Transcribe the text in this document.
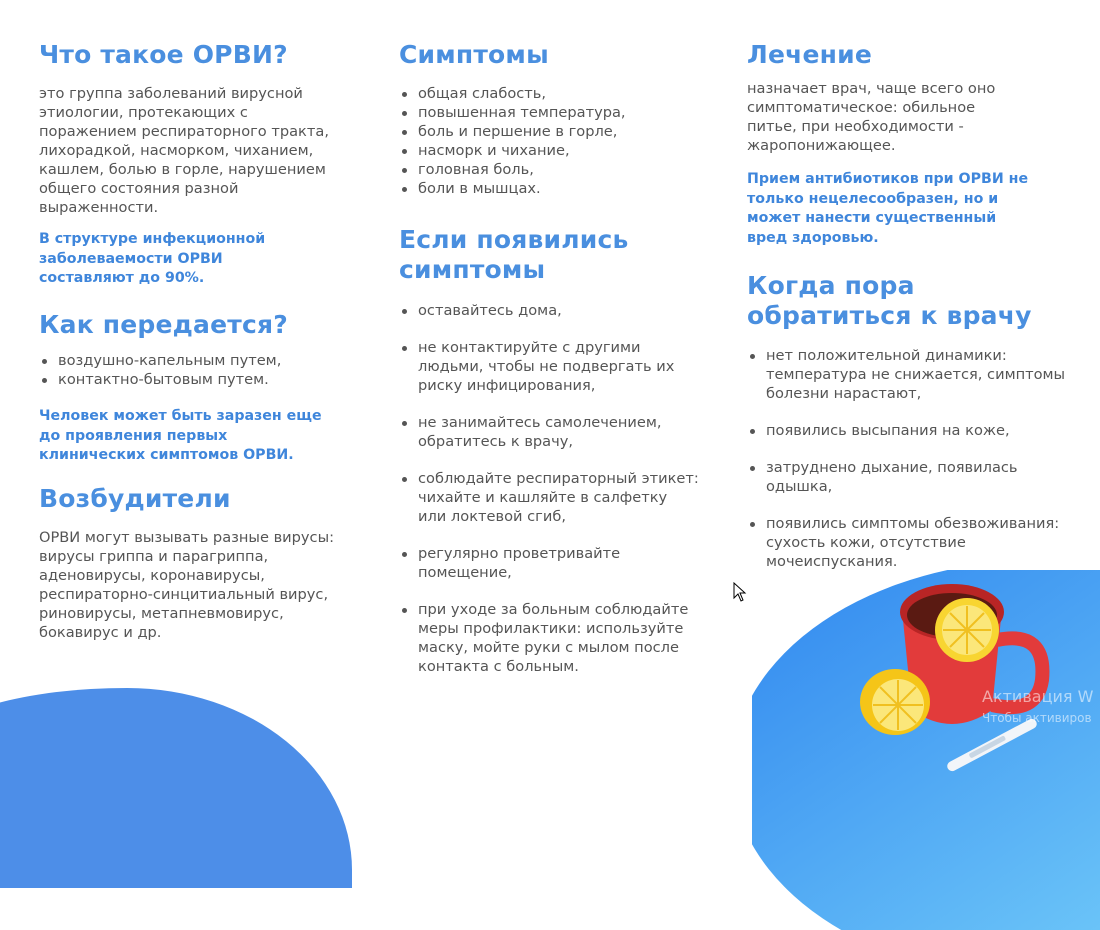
Активация W
Чтобы активиров
Что такое ОРВИ?

это группа заболеваний вирусной этиологии, протекающих с поражением респираторного тракта, лихорадкой, насморком, чиханием, кашлем, болью в горле, нарушением общего состояния разной выраженности.

В структуре инфекционной заболеваемости ОРВИ составляют до 90%.

Как передается?
воздушно-капельным путем,
контактно-бытовым путем.

Человек может быть заразен еще до проявления первых клинических симптомов ОРВИ.

Возбудители

ОРВИ могут вызывать разные вирусы: вирусы гриппа и парагриппа, аденовирусы, коронавирусы, респираторно-синцитиальный вирус, риновирусы, метапневмовирус, бокавирус и др.

Симптомы
общая слабость,
повышенная температура,
боль и першение в горле,
насморк и чихание,
головная боль,
боли в мышцах.
Если появились симптомы
оставайтесь дома,
не контактируйте с другими людьми, чтобы не подвергать их риску инфицирования,
не занимайтесь самолечением, обратитесь к врачу,
соблюдайте респираторный этикет: чихайте и кашляйте в салфетку или локтевой сгиб,
регулярно проветривайте помещение,
при уходе за больным соблюдайте меры профилактики: используйте маску, мойте руки с мылом после контакта с больным.
Лечение

назначает врач, чаще всего оно симптоматическое: обильное питье, при необходимости - жаропонижающее.

Прием антибиотиков при ОРВИ не только нецелесообразен, но и может нанести существенный вред здоровью.

Когда пора обратиться к врачу
нет положительной динамики: температура не снижается, симптомы болезни нарастают,
появились высыпания на коже,
затруднено дыхание, появилась одышка,
появились симптомы обезвоживания: сухость кожи, отсутствие мочеиспускания.
